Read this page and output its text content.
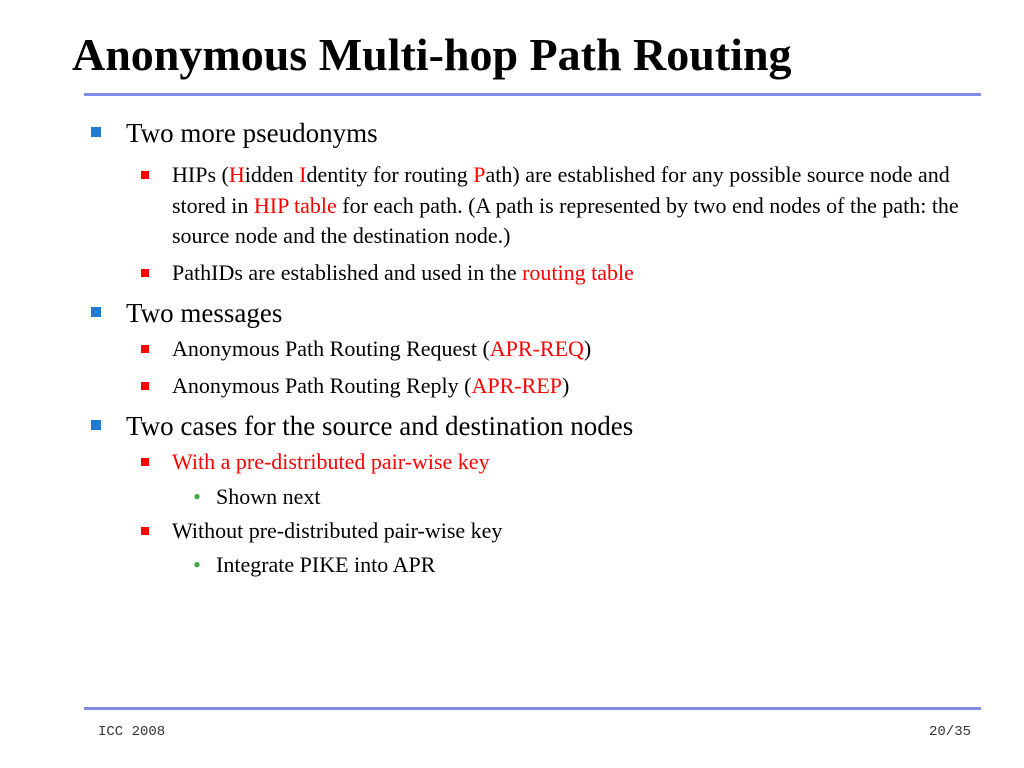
Anonymous Multi-hop Path Routing
Two more pseudonyms
HIPs (Hidden Identity for routing Path) are established for any possible source node and stored in HIP table for each path. (A path is represented by two end nodes of the path: the source node and the destination node.)
PathIDs are established and used in the routing table
Two messages
Anonymous Path Routing Request (APR-REQ)
Anonymous Path Routing Reply (APR-REP)
Two cases for the source and destination nodes
With a pre-distributed pair-wise key
• Shown next
Without pre-distributed pair-wise key
• Integrate PIKE into APR
ICC 2008	20/35
